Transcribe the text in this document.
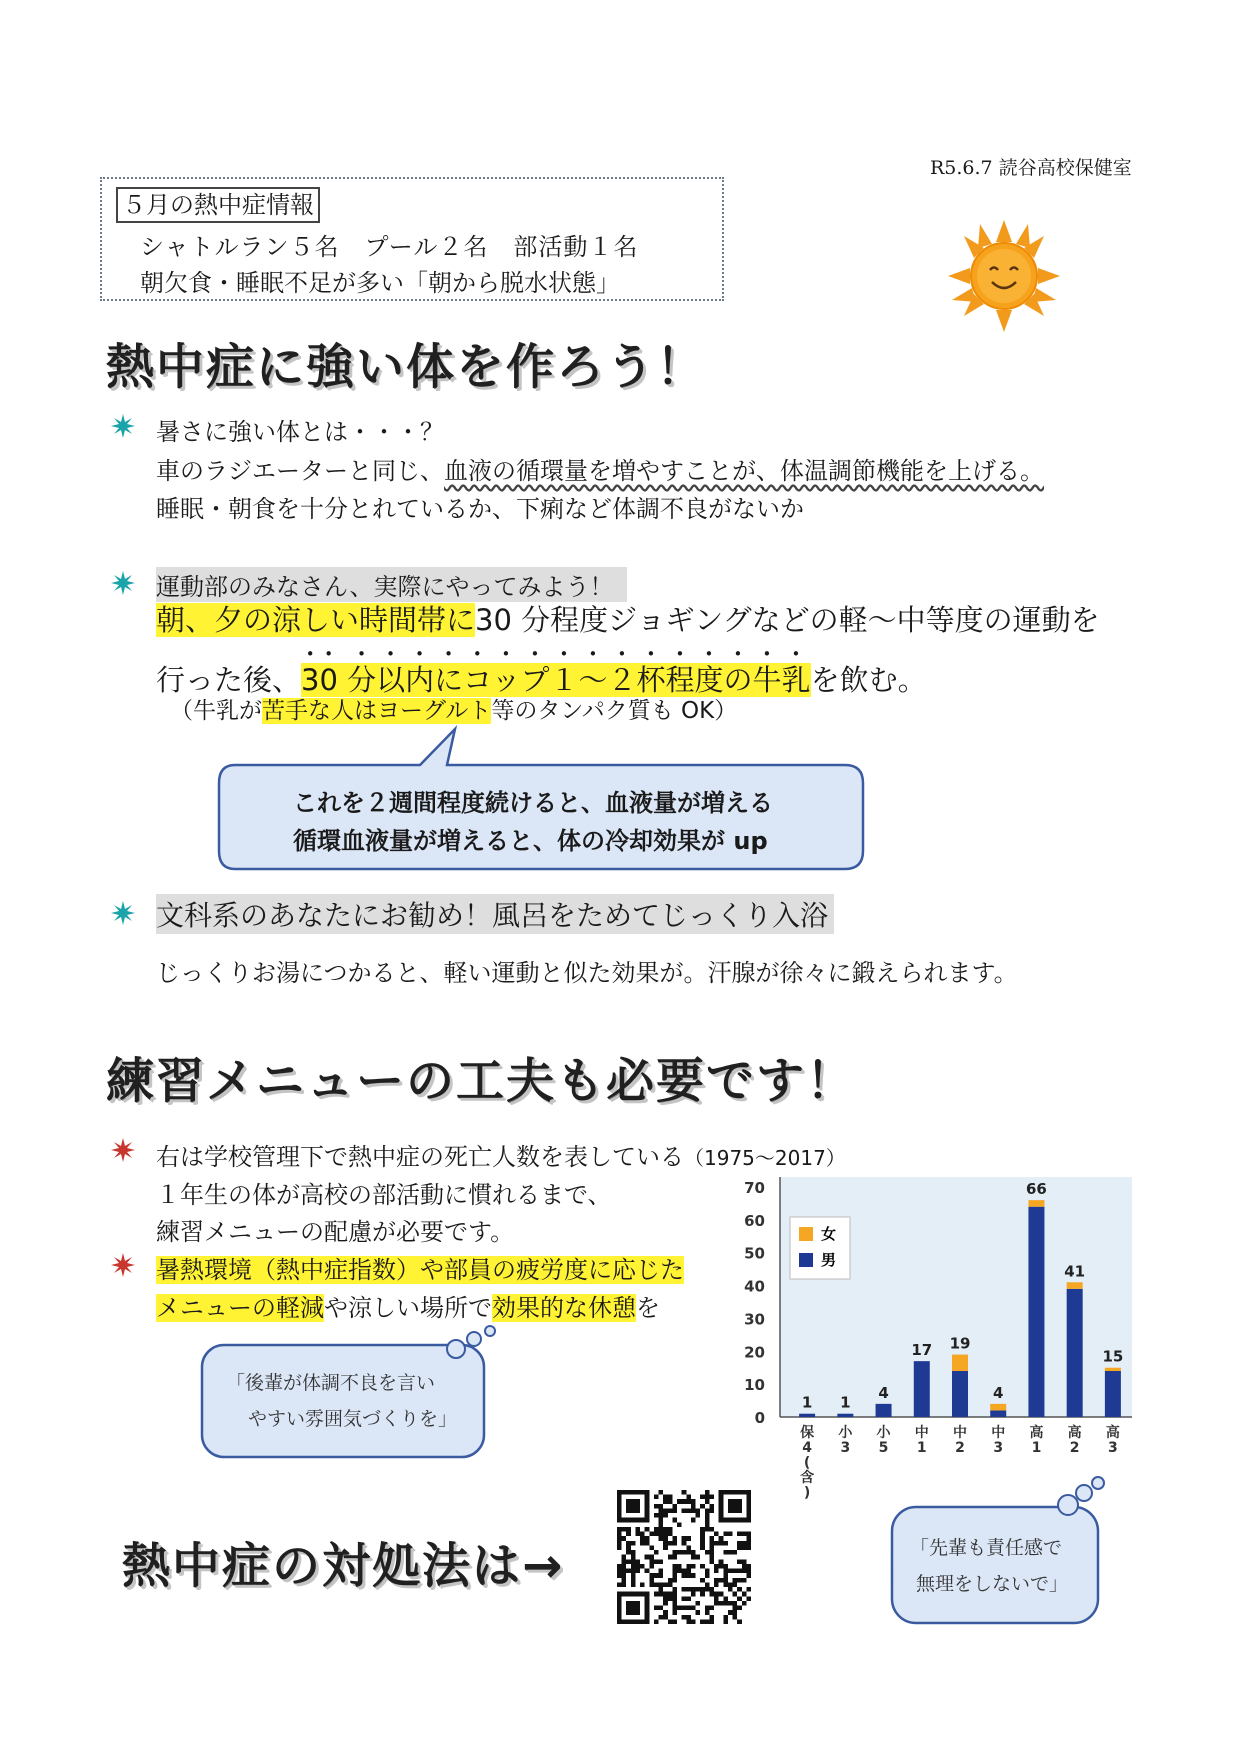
R5.6.7 読谷高校保健室
５月の熱中症情報
シャトルラン５名　プール２名　部活動１名
朝欠食・睡眠不足が多い「朝から脱水状態」
熱中症に強い体を作ろう！
暑さに強い体とは・・・？
車のラジエーターと同じ、血液の循環量を増やすことが、体温調節機能を上げる。
睡眠・朝食を十分とれているか、下痢など体調不良がないか
運動部のみなさん、実際にやってみよう！
朝、夕の涼しい時間帯に30 分程度ジョギングなどの軽～中等度の運動を
行った後、30 分以内にコップ１～２杯程度の牛乳を飲む。
（牛乳が苦手な人はヨーグルト等のタンパク質も OK）
これを２週間程度続けると、血液量が増える
循環血液量が増えると、体の冷却効果が up
文科系のあなたにお勧め！風呂をためてじっくり入浴
じっくりお湯につかると、軽い運動と似た効果が。汗腺が徐々に鍛えられます。
練習メニューの工夫も必要です！
右は学校管理下で熱中症の死亡人数を表している（1975～2017）
１年生の体が高校の部活動に慣れるまで、
練習メニューの配慮が必要です。
暑熱環境（熱中症指数）や部員の疲労度に応じた
メニューの軽減や涼しい場所で効果的な休憩を
「後輩が体調不良を言い
やすい雰囲気づくりを」	0
10
20
30
40
50
60
70
1 1
4
17 19
4
66
41
15
保 4 (含)
小 3
小 5
中 1
中 2
中 3
高 1
高 2
高 3
女
男
「先輩も責任感で
無理をしないで」
熱中症の対処法は→
